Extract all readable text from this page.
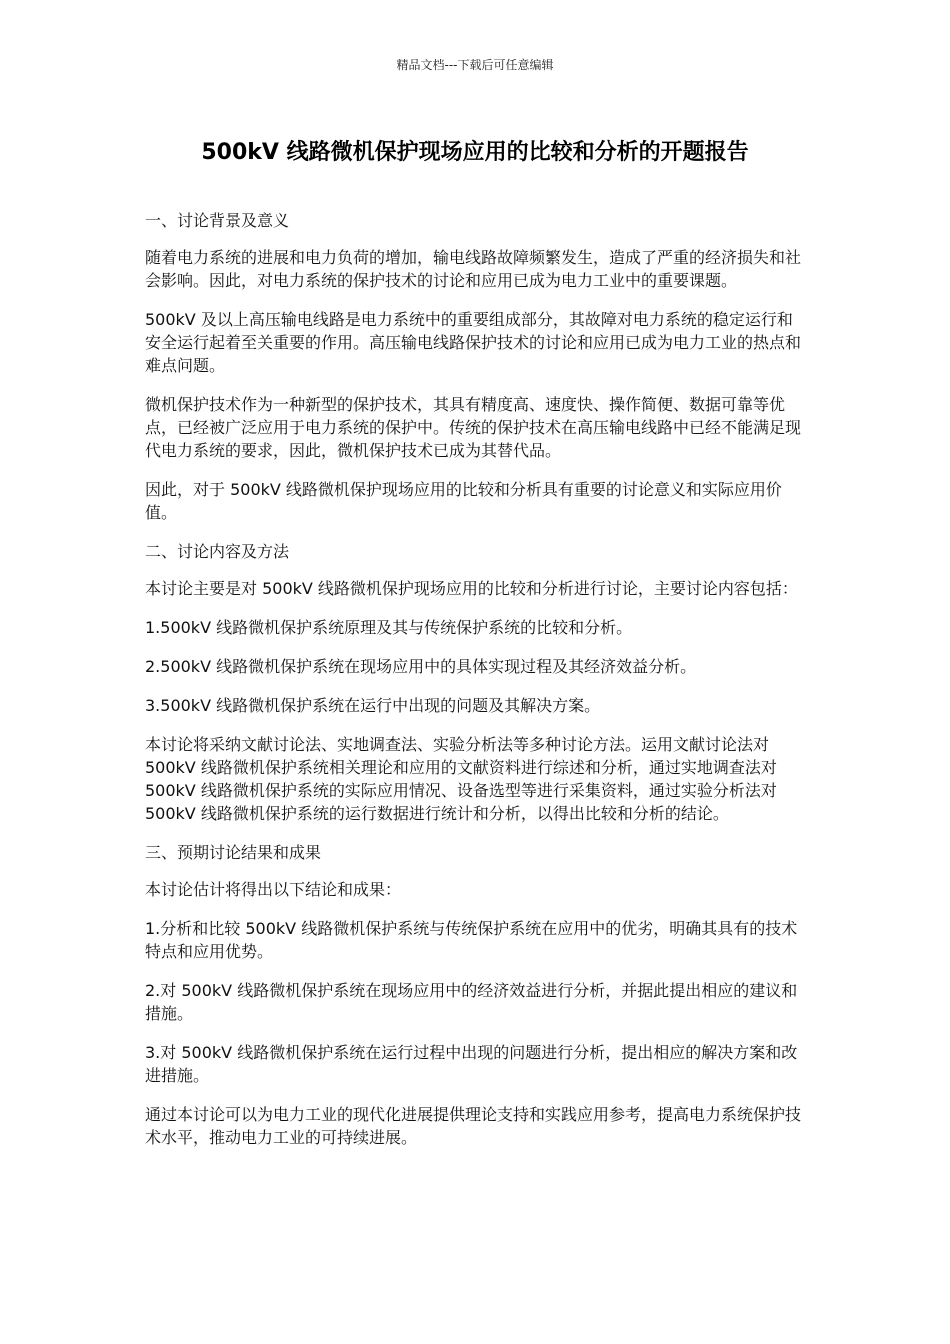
精品文档---下载后可任意编辑
500kV 线路微机保护现场应用的比较和分析的开题报告

一、讨论背景及意义

随着电力系统的进展和电力负荷的增加，输电线路故障频繁发生，造成了严重的经济损失和社会影响。因此，对电力系统的保护技术的讨论和应用已成为电力工业中的重要课题。

500kV 及以上高压输电线路是电力系统中的重要组成部分，其故障对电力系统的稳定运行和安全运行起着至关重要的作用。高压输电线路保护技术的讨论和应用已成为电力工业的热点和难点问题。

微机保护技术作为一种新型的保护技术，其具有精度高、速度快、操作简便、数据可靠等优点，已经被广泛应用于电力系统的保护中。传统的保护技术在高压输电线路中已经不能满足现代电力系统的要求，因此，微机保护技术已成为其替代品。

因此，对于 500kV 线路微机保护现场应用的比较和分析具有重要的讨论意义和实际应用价值。

二、讨论内容及方法

本讨论主要是对 500kV 线路微机保护现场应用的比较和分析进行讨论，主要讨论内容包括：

1.500kV 线路微机保护系统原理及其与传统保护系统的比较和分析。

2.500kV 线路微机保护系统在现场应用中的具体实现过程及其经济效益分析。

3.500kV 线路微机保护系统在运行中出现的问题及其解决方案。

本讨论将采纳文献讨论法、实地调查法、实验分析法等多种讨论方法。运用文献讨论法对 500kV 线路微机保护系统相关理论和应用的文献资料进行综述和分析，通过实地调查法对 500kV 线路微机保护系统的实际应用情况、设备选型等进行采集资料，通过实验分析法对 500kV 线路微机保护系统的运行数据进行统计和分析，以得出比较和分析的结论。

三、预期讨论结果和成果

本讨论估计将得出以下结论和成果：

1.分析和比较 500kV 线路微机保护系统与传统保护系统在应用中的优劣，明确其具有的技术特点和应用优势。

2.对 500kV 线路微机保护系统在现场应用中的经济效益进行分析，并据此提出相应的建议和措施。

3.对 500kV 线路微机保护系统在运行过程中出现的问题进行分析，提出相应的解决方案和改进措施。

通过本讨论可以为电力工业的现代化进展提供理论支持和实践应用参考，提高电力系统保护技术水平，推动电力工业的可持续进展。
